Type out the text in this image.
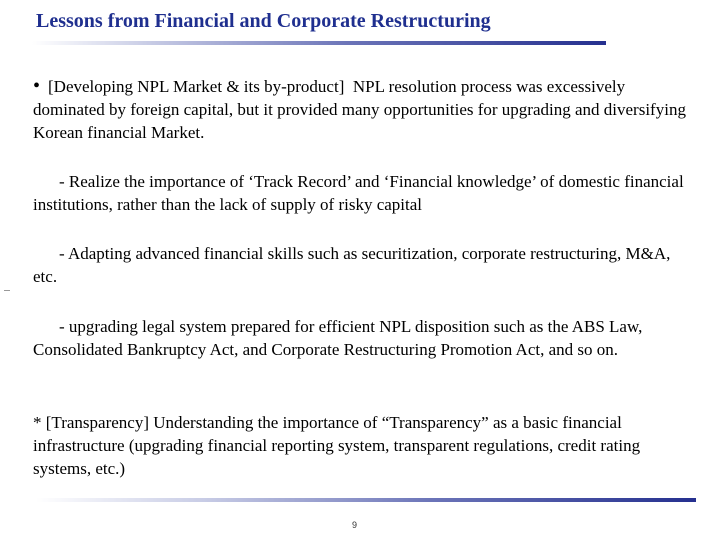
Lessons from Financial and Corporate Restructuring
• [Developing NPL Market & its by-product] NPL resolution process was excessively dominated by foreign capital, but it provided many opportunities for upgrading and diversifying Korean financial Market.
- Realize the importance of ‘Track Record’ and ‘Financial knowledge’ of domestic financial institutions, rather than the lack of supply of risky capital
- Adapting advanced financial skills such as securitization, corporate restructuring, M&A, etc.
- upgrading legal system prepared for efficient NPL disposition such as the ABS Law, Consolidated Bankruptcy Act, and Corporate Restructuring Promotion Act, and so on.
* [Transparency] Understanding the importance of “Transparency” as a basic financial infrastructure (upgrading financial reporting system, transparent regulations, credit rating systems, etc.)
9
